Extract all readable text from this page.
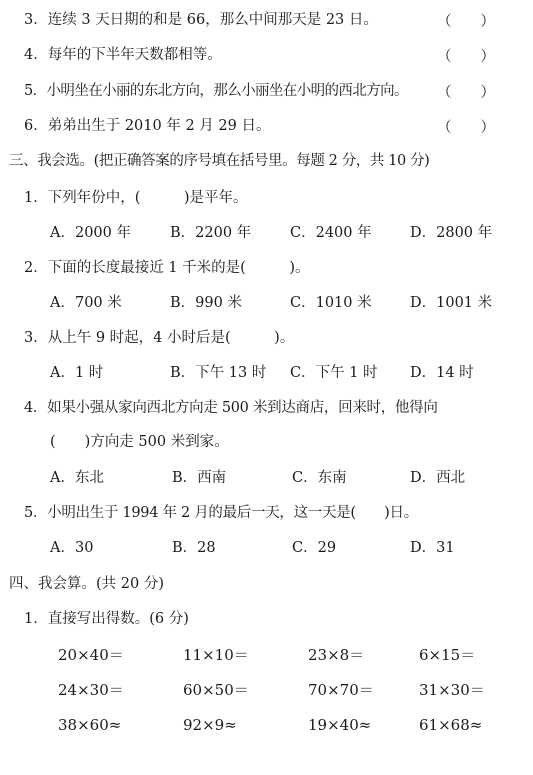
3．连续 3 天日期的和是 66，那么中间那天是 23 日。	（　　）
4．每年的下半年天数都相等。	（　　）
5．小明坐在小丽的东北方向，那么小丽坐在小明的西北方向。 （　　）
6．弟弟出生于 2010 年 2 月 29 日。	（　　）
三、我会选。(把正确答案的序号填在括号里。每题 2 分，共 10 分)
1．下列年份中，(　　　)是平年。
A．2000 年	B．2200 年	C．2400 年	D．2800 年
2．下面的长度最接近 1 千米的是(　　　)。
A．700 米	B．990 米	C．1010 米	D．1001 米
3．从上午 9 时起，4 小时后是(　　　)。
A．1 时	B．下午 13 时 C．下午 1 时 D．14 时
4．如果小强从家向西北方向走 500 米到达商店，回来时，他得向
(　　)方向走 500 米到家。
A．东北	B．西南	C．东南	D．西北
5．小明出生于 1994 年 2 月的最后一天，这一天是(　　)日。
A．30	B．28	C．29	D．31
四、我会算。(共 20 分)
1．直接写出得数。(6 分)
20×40＝	11×10＝	23×8＝	6×15＝
24×30＝	60×50＝	70×70＝	31×30＝
38×60≈	92×9≈	19×40≈	61×68≈
